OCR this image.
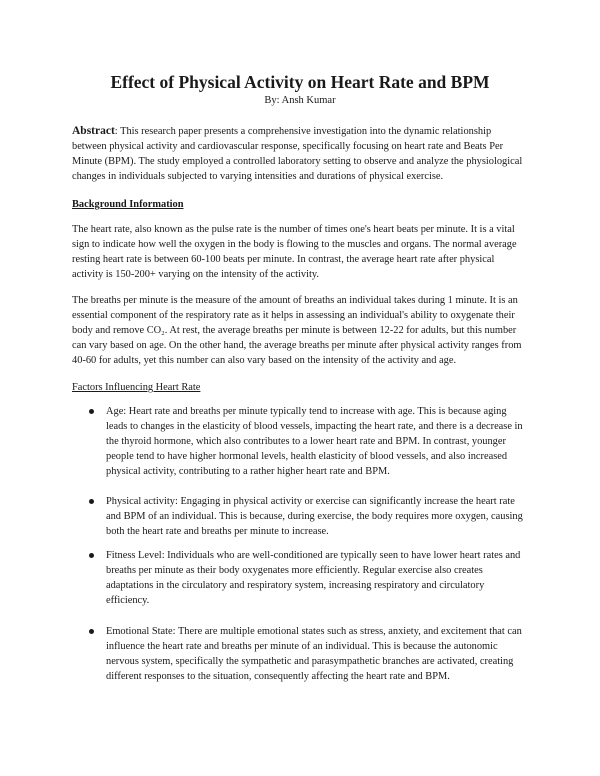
Effect of Physical Activity on Heart Rate and BPM
By: Ansh Kumar

Abstract: This research paper presents a comprehensive investigation into the dynamic relationship between physical activity and cardiovascular response, specifically focusing on heart rate and Beats Per Minute (BPM). The study employed a controlled laboratory setting to observe and analyze the physiological changes in individuals subjected to varying intensities and durations of physical exercise.

Background Information

The heart rate, also known as the pulse rate is the number of times one's heart beats per minute. It is a vital sign to indicate how well the oxygen in the body is flowing to the muscles and organs. The normal average resting heart rate is between 60-100 beats per minute. In contrast, the average heart rate after physical activity is 150-200+ varying on the intensity of the activity.

The breaths per minute is the measure of the amount of breaths an individual takes during 1 minute. It is an essential component of the respiratory rate as it helps in assessing an individual's ability to oxygenate their body and remove CO₂. At rest, the average breaths per minute is between 12-22 for adults, but this number can vary based on age. On the other hand, the average breaths per minute after physical activity ranges from 40-60 for adults, yet this number can also vary based on the intensity of the activity and age.

Factors Influencing Heart Rate
Age: Heart rate and breaths per minute typically tend to increase with age. This is because aging leads to changes in the elasticity of blood vessels, impacting the heart rate, and there is a decrease in the thyroid hormone, which also contributes to a lower heart rate and BPM. In contrast, younger people tend to have higher hormonal levels, health elasticity of blood vessels, and also increased physical activity, contributing to a rather higher heart rate and BPM.
Physical activity: Engaging in physical activity or exercise can significantly increase the heart rate and BPM of an individual. This is because, during exercise, the body requires more oxygen, causing both the heart rate and breaths per minute to increase.
Fitness Level: Individuals who are well-conditioned are typically seen to have lower heart rates and breaths per minute as their body oxygenates more efficiently. Regular exercise also creates adaptations in the circulatory and respiratory system, increasing respiratory and circulatory efficiency.
Emotional State: There are multiple emotional states such as stress, anxiety, and excitement that can influence the heart rate and breaths per minute of an individual. This is because the autonomic nervous system, specifically the sympathetic and parasympathetic branches are activated, creating different responses to the situation, consequently affecting the heart rate and BPM.
